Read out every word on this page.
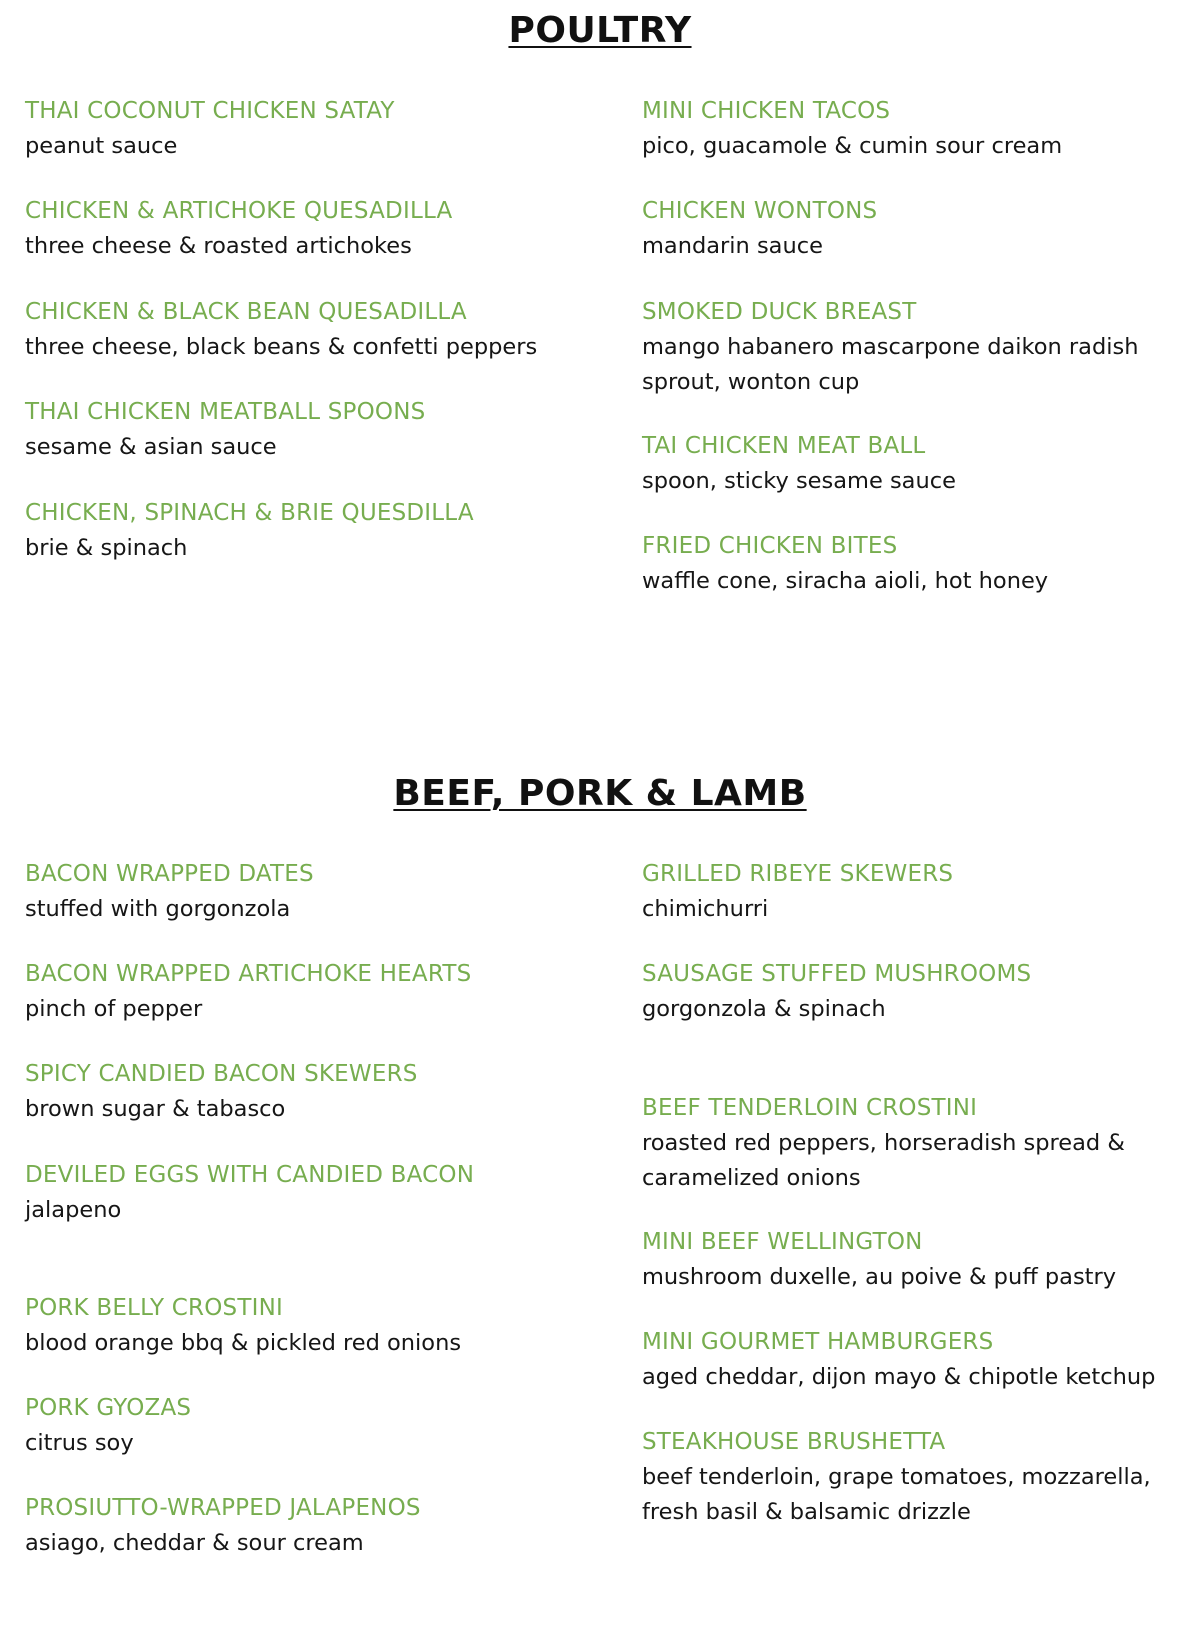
POULTRY
THAI COCONUT CHICKEN SATAY
peanut sauce
CHICKEN & ARTICHOKE QUESADILLA
three cheese & roasted artichokes
CHICKEN & BLACK BEAN QUESADILLA
three cheese, black beans & confetti peppers
THAI CHICKEN MEATBALL SPOONS
sesame & asian sauce
CHICKEN, SPINACH & BRIE QUESDILLA
brie & spinach
MINI CHICKEN TACOS
pico, guacamole & cumin sour cream
CHICKEN WONTONS
mandarin sauce
SMOKED DUCK BREAST
mango habanero mascarpone daikon radish sprout, wonton cup
TAI CHICKEN MEAT BALL
spoon, sticky sesame sauce
FRIED CHICKEN BITES
waffle cone, siracha aioli, hot honey
BEEF, PORK & LAMB
BACON WRAPPED DATES
stuffed with gorgonzola
BACON WRAPPED ARTICHOKE HEARTS
pinch of pepper
SPICY CANDIED BACON SKEWERS
brown sugar & tabasco
DEVILED EGGS WITH CANDIED BACON
jalapeno
PORK BELLY CROSTINI
blood orange bbq & pickled red onions
PORK GYOZAS
citrus soy
PROSIUTTO-WRAPPED JALAPENOS
asiago, cheddar & sour cream
GRILLED RIBEYE SKEWERS
chimichurri
SAUSAGE STUFFED MUSHROOMS
gorgonzola & spinach
BEEF TENDERLOIN CROSTINI
roasted red peppers, horseradish spread & caramelized onions
MINI BEEF WELLINGTON
mushroom duxelle, au poive & puff pastry
MINI GOURMET HAMBURGERS
aged cheddar, dijon mayo & chipotle ketchup
STEAKHOUSE BRUSHETTA
beef tenderloin, grape tomatoes, mozzarella, fresh basil & balsamic drizzle
